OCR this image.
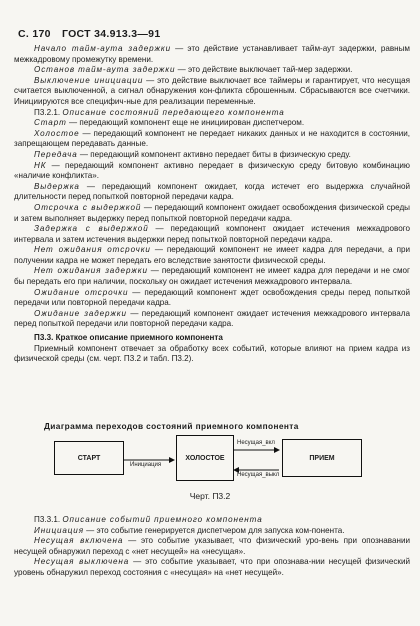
С. 170 ГОСТ 34.913.3—91

Начало тайм-аута задержки — это действие устанавливает тайм-аут задержки, равным межкадровому промежутку времени.

Останов тайм-аута задержки — это действие выключает тай-мер задержки.

Выключение инициации — это действие выключает все таймеры и гарантирует, что несущая считается выключенной, а сигнал обнаружения кон-фликта сброшенным. Сбрасываются все счетчики. Инициируются все специфич-ные для реализации переменные.

П3.2.1. Описание состояний передающего компонента

Старт — передающий компонент еще не инициирован диспетчером.

Холостое — передающий компонент не передает никаких данных и не находится в состоянии, запрещающем передавать данные.

Передача — передающий компонент активно передает биты в физическую среду.

НК — передающий компонент активно передает в физическую среду битовую комбинацию «наличие конфликта».

Выдержка — передающий компонент ожидает, когда истечет его выдержка случайной длительности перед попыткой повторной передачи кадра.

Отсрочка с выдержкой — передающий компонент ожидает освобождения физической среды и затем выполняет выдержку перед попыткой повторной передачи кадра.

Задержка с выдержкой — передающий компонент ожидает истечения межкадрового интервала и затем истечения выдержки перед попыткой повторной передачи кадра.

Нет ожидания отсрочки — передающий компонент не имеет кадра для передачи, а при получении кадра не может передать его вследствие занятости физической среды.

Нет ожидания задержки — передающий компонент не имеет кадра для передачи и не смог бы передать его при наличии, поскольку он ожидает истечения межкадрового интервала.

Ожидание отсрочки — передающий компонент ждет освобождения среды перед попыткой передачи или повторной передачи кадра.

Ожидание задержки — передающий компонент ожидает истечения межкадрового интервала перед попыткой передачи или повторной передачи кадра.

П3.3. Краткое описание приемного компонента

Приемный компонент отвечает за обработку всех событий, которые влияют на прием кадра из физической среды (см. черт. П3.2 и табл. П3.2).

Диаграмма переходов состояний приемного компонента
СТАРТ	ХОЛОСТОЕ	ПРИЕМ
Инициация
Несущая_вкл
Несущая_выкл
Черт. П3.2

П3.3.1. Описание событий приемного компонента

Инициация — это событие генерируется диспетчером для запуска ком-понента.

Несущая включена — это событие указывает, что физический уро-вень при опознавании несущей обнаружил переход с «нет несущей» на «несущая».

Несущая выключена — это событие указывает, что при опознава-нии несущей физический уровень обнаружил переход состояния с «несущая» на «нет несущей».
